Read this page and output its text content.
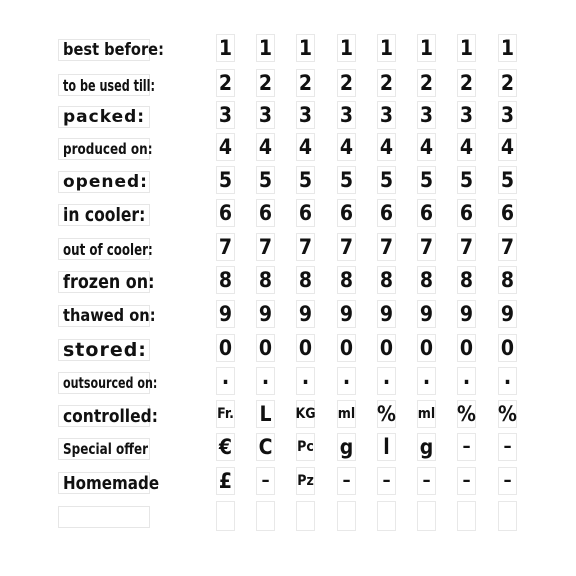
best before:
to be used till:
packed:
produced on:
opened:
in cooler:
out of cooler:
frozen on:
thawed on:
stored:
outsourced on:
controlled:
Special offer
Homemade
1
2
3
4
5
6
7
8
9
0
.
Fr.
€
£
1
2
3
4
5
6
7
8
9
0
.
L
C
–
1
2
3
4
5
6
7
8
9
0
.
KG
Pc
Pz
1
2
3
4
5
6
7
8
9
0
.
ml
g
–
1
2
3
4
5
6
7
8
9
0
.
%
l
–
1
2
3
4
5
6
7
8
9
0
.
ml
g
–
1
2
3
4
5
6
7
8
9
0
.
%
–
–
1
2
3
4
5
6
7
8
9
0
.
%
–
–
